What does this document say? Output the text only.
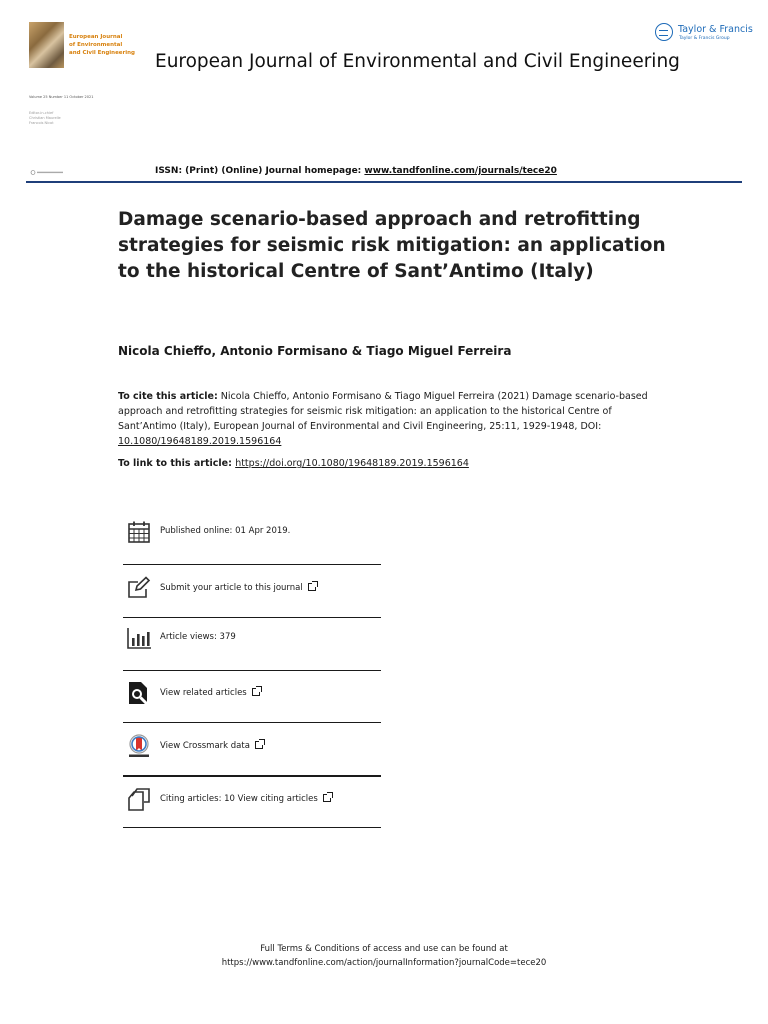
European Journal
of Environmental
and Civil Engineering
Taylor & Francis
Taylor & Francis Group
European Journal of Environmental and Civil Engineering
Volume 25 Number 11 October 2021
Editor-in-chief
Christian Maurelle
Francois Nicot
ISSN: (Print) (Online) Journal homepage: www.tandfonline.com/journals/tece20
Damage scenario-based approach and retrofitting strategies for seismic risk mitigation: an application to the historical Centre of Sant’Antimo (Italy)
Nicola Chieffo, Antonio Formisano & Tiago Miguel Ferreira
To cite this article: Nicola Chieffo, Antonio Formisano & Tiago Miguel Ferreira (2021) Damage scenario-based approach and retrofitting strategies for seismic risk mitigation: an application to the historical Centre of Sant’Antimo (Italy), European Journal of Environmental and Civil Engineering, 25:11, 1929-1948, DOI: 10.1080/19648189.2019.1596164
To link to this article: https://doi.org/10.1080/19648189.2019.1596164
Published online: 01 Apr 2019.
Submit your article to this journal
Article views: 379
View related articles
View Crossmark data
Citing articles: 10 View citing articles
Full Terms & Conditions of access and use can be found at
https://www.tandfonline.com/action/journalInformation?journalCode=tece20
